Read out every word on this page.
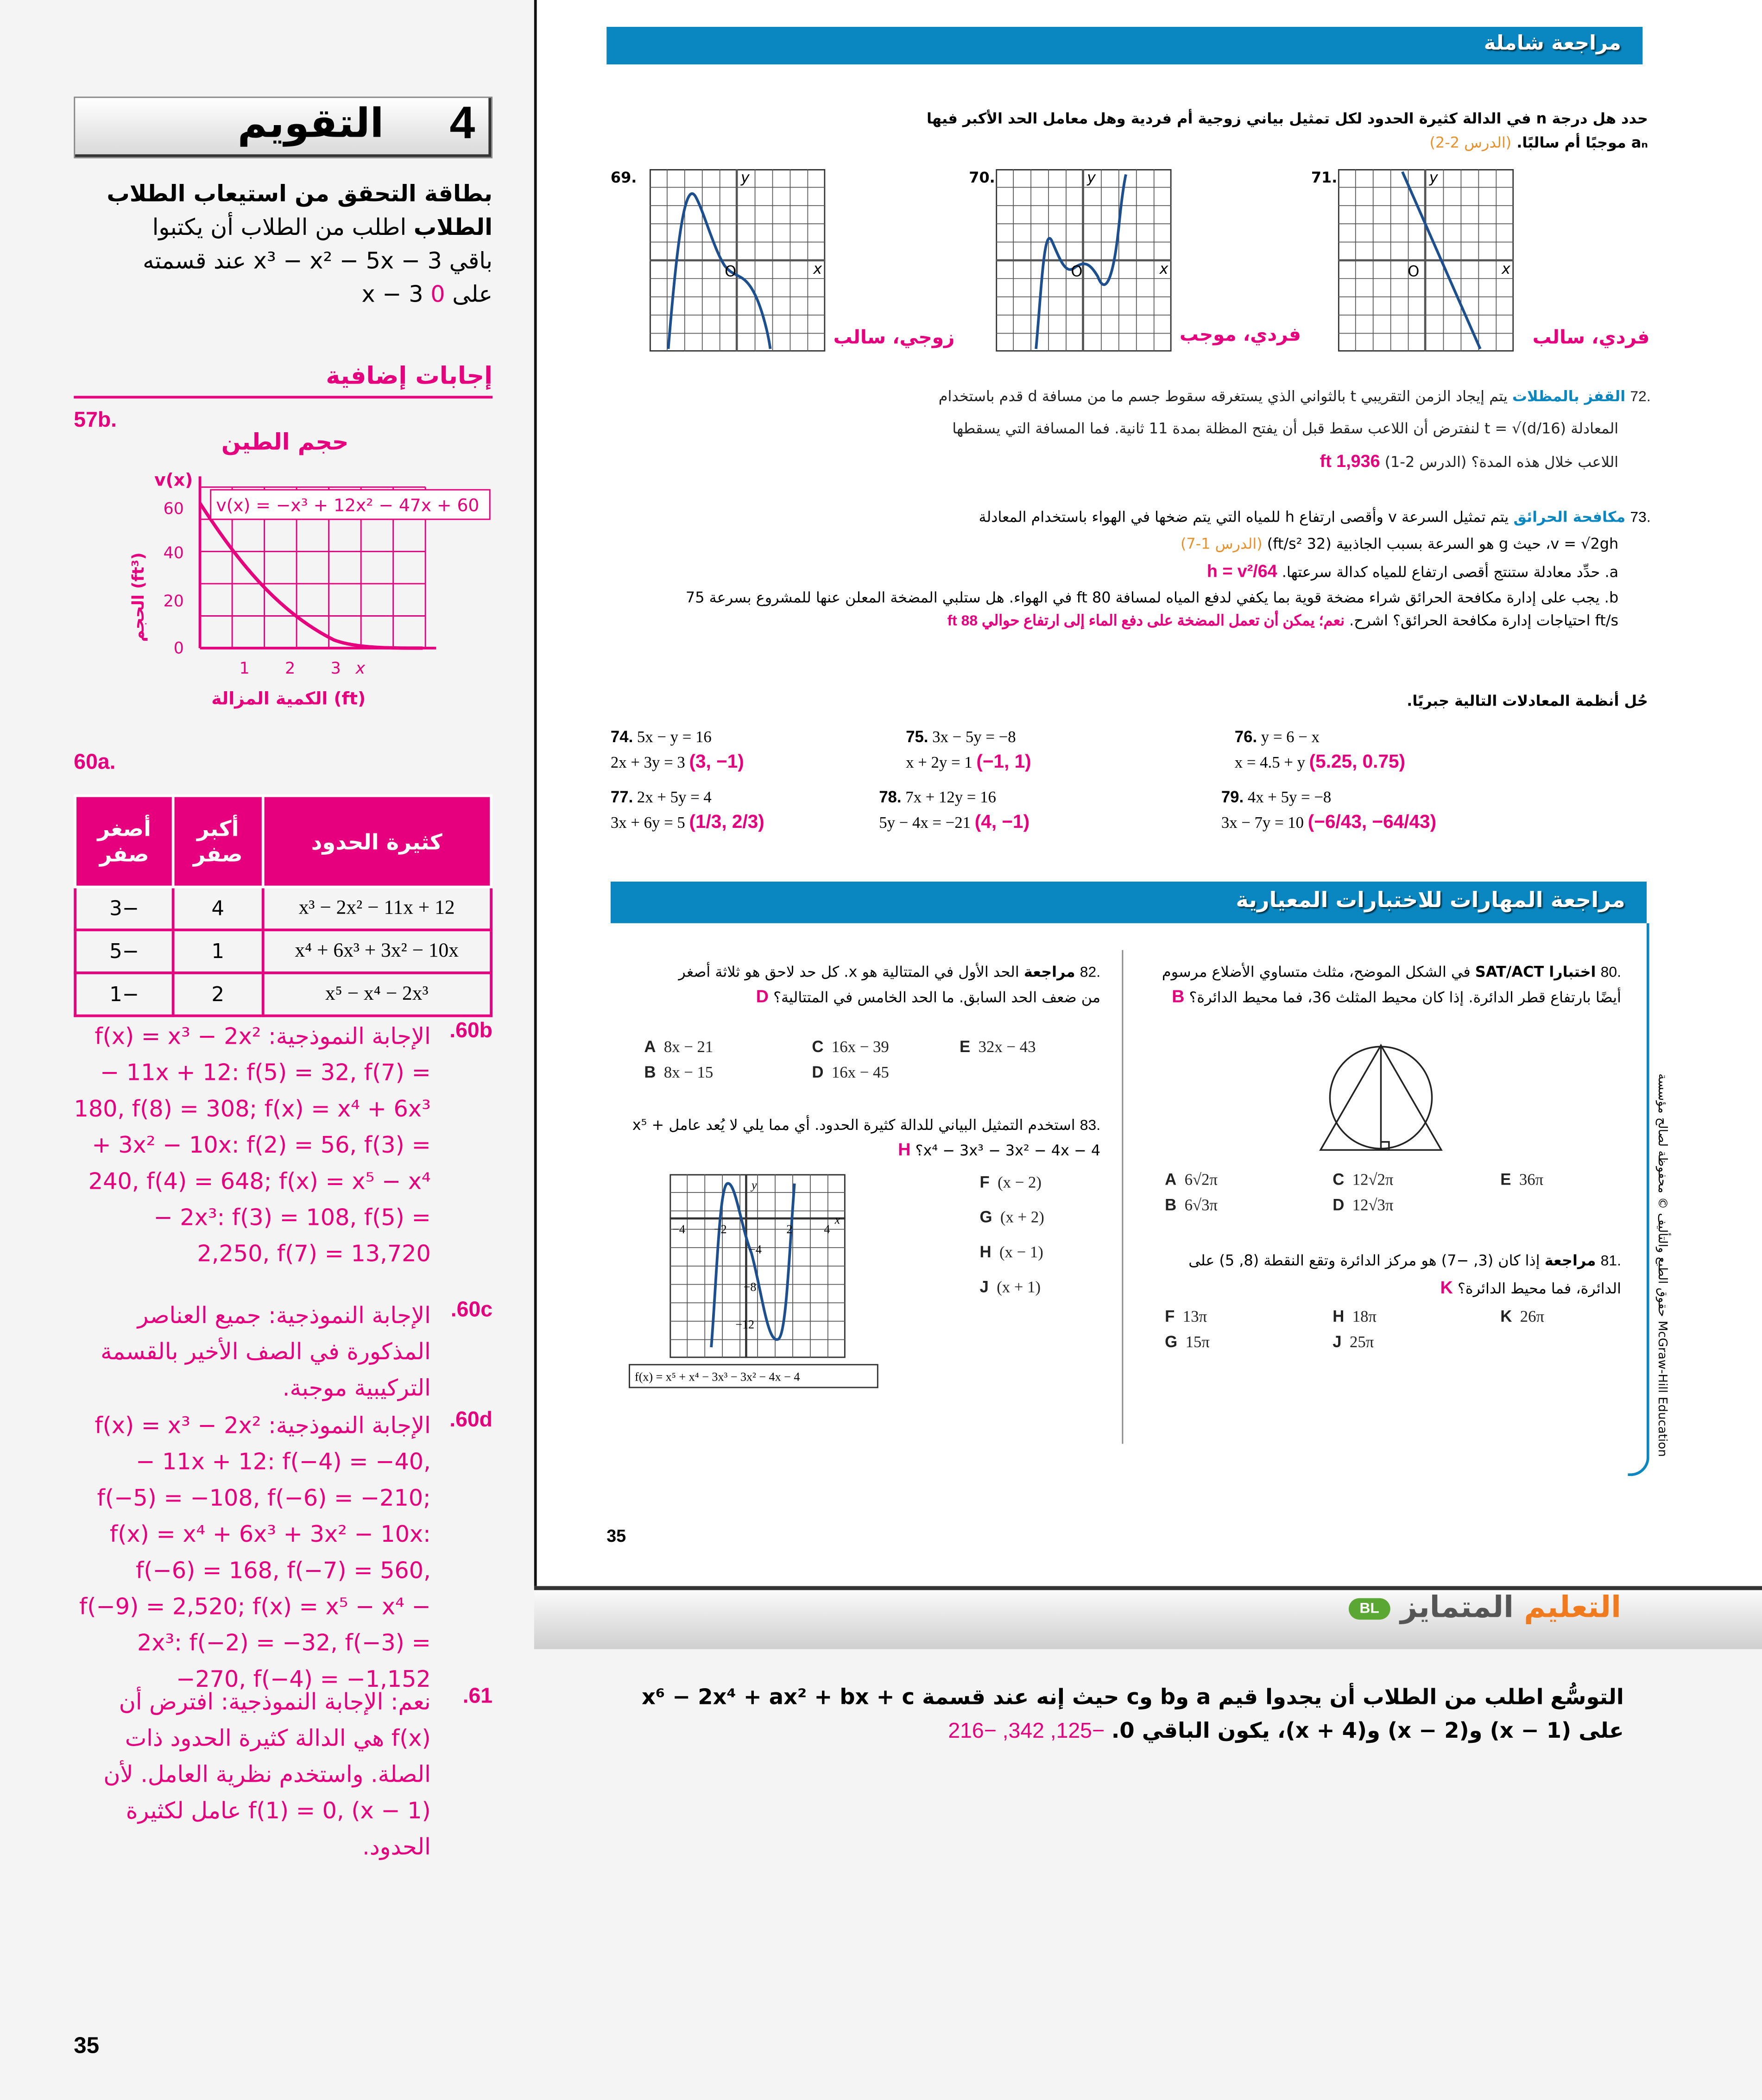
التقويم	4
بطاقة التحقق من استيعاب الطلاب
الطلاب اطلب من الطلاب أن يكتبوا
باقي x³ − x² − 5x − 3 عند قسمته
على x − 3 0
إجابات إضافية
57b.
حجم الطين
v(x) = −x³ + 12x² − 47x + 60
v(x)
60
40
20
0
1	2	3	x
الحجم (ft³)
الكمية المزالة (ft)
60a.
كثيرة الحدود	أكبر صفر	أصغر صفر
x³ − 2x² − 11x + 12	4	−3
x⁴ + 6x³ + 3x² − 10x	1	−5
x⁵ − x⁴ − 2x³	2	−1
60b.
الإجابة النموذجية: f(x) = x³ − 2x² − 11x + 12: f(5) = 32, f(7) = 180, f(8) = 308; f(x) = x⁴ + 6x³ + 3x² − 10x: f(2) = 56, f(3) = 240, f(4) = 648; f(x) = x⁵ − x⁴ − 2x³: f(3) = 108, f(5) = 2,250, f(7) = 13,720
60c.
الإجابة النموذجية: جميع العناصر المذكورة في الصف الأخير بالقسمة التركيبية موجبة.
60d.
الإجابة النموذجية: f(x) = x³ − 2x² − 11x + 12: f(−4) = −40, f(−5) = −108, f(−6) = −210; f(x) = x⁴ + 6x³ + 3x² − 10x: f(−6) = 168, f(−7) = 560, f(−9) = 2,520; f(x) = x⁵ − x⁴ − 2x³: f(−2) = −32, f(−3) = −270, f(−4) = −1,152
61.
نعم: الإجابة النموذجية: افترض أن f(x) هي الدالة كثيرة الحدود ذات الصلة. واستخدم نظرية العامل. لأن f(1) = 0, (x − 1) عامل لكثيرة الحدود.
35
مراجعة شاملة
حدد هل درجة n في الدالة كثيرة الحدود لكل تمثيل بياني زوجية أم فردية وهل معامل الحد الأكبر فيها aₙ موجبًا أم سالبًا. (الدرس 2-2)
69.	y
x
O
زوجي، سالب
70.	y
x
O
فردي، موجب
71.	y
x
O
فردي، سالب
.72 القفز بالمظلات يتم إيجاد الزمن التقريبي t بالثواني الذي يستغرقه سقوط جسم ما من مسافة d قدم باستخدام
المعادلة t = √(d/16) لنفترض أن اللاعب سقط قبل أن يفتح المظلة بمدة 11 ثانية. فما المسافة التي يسقطها
اللاعب خلال هذه المدة؟ (الدرس 2-1) 1,936 ft
.73 مكافحة الحرائق يتم تمثيل السرعة v وأقصى ارتفاع h للمياه التي يتم ضخها في الهواء باستخدام المعادلة
v = √2gh، حيث g هو السرعة بسبب الجاذبية (32 ft/s²) (الدرس 1-7)
a. حدِّد معادلة ستنتج أقصى ارتفاع للمياه كدالة سرعتها. h = v²/64
b. يجب على إدارة مكافحة الحرائق شراء مضخة قوية بما يكفي لدفع المياه لمسافة 80 ft في الهواء. هل ستلبي المضخة المعلن عنها للمشروع بسرعة 75 ft/s احتياجات إدارة مكافحة الحرائق؟ اشرح. نعم؛ يمكن أن تعمل المضخة على دفع الماء إلى ارتفاع حوالي 88 ft
حُل أنظمة المعادلات التالية جبريًا.
74. 5x − y = 16
2x + 3y = 3 (3, −1)
75. 3x − 5y = −8
x + 2y = 1 (−1, 1)
76. y = 6 − x
x = 4.5 + y (5.25, 0.75)
77. 2x + 5y = 4
3x + 6y = 5 (1/3, 2/3)
78. 7x + 12y = 16
5y − 4x = −21 (4, −1)
79. 4x + 5y = −8
3x − 7y = 10 (−6/43, −64/43)
مراجعة المهارات للاختبارات المعيارية
.80 اختبارا SAT/ACT في الشكل الموضح، مثلث متساوي الأضلاع مرسوم أيضًا بارتفاع قطر الدائرة. إذا كان محيط المثلث 36، فما محيط الدائرة؟ B
A 6√2π	C 12√2π	E 36π
B 6√3π	D 12√3π
.81 مراجعة إذا كان (3, −7) هو مركز الدائرة وتقع النقطة (8, 5) على الدائرة، فما محيط الدائرة؟ K
F 13π	H 18π	K 26π
G 15π	J 25π
.82 مراجعة الحد الأول في المتتالية هو x. كل حد لاحق هو ثلاثة أصغر من ضعف الحد السابق. ما الحد الخامس في المتتالية؟ D
A 8x − 21	C 16x − 39	E 32x − 43
B 8x − 15	D 16x − 45
.83 استخدم التمثيل البياني للدالة كثيرة الحدود. أي مما يلي لا يُعد عامل x⁵ + x⁴ − 3x³ − 3x² − 4x − 4؟ H
−4	−2	2	4
−4
−8
−12
y
x
f(x) = x⁵ + x⁴ − 3x³ − 3x² − 4x − 4
F (x − 2)
G (x + 2)
H (x − 1)
J (x + 1)
35
حقوق الطبع والتأليف © محفوظة لصالح مؤسسة McGraw-Hill Education
التعليم المتمايز BL
التوسُّع اطلب من الطلاب أن يجدوا قيم a وb وc حيث إنه عند قسمة x⁶ − 2x⁴ + ax² + bx + c على (x − 1) و(x − 2) و(x + 4)، يكون الباقي 0. −125, 342, −216
